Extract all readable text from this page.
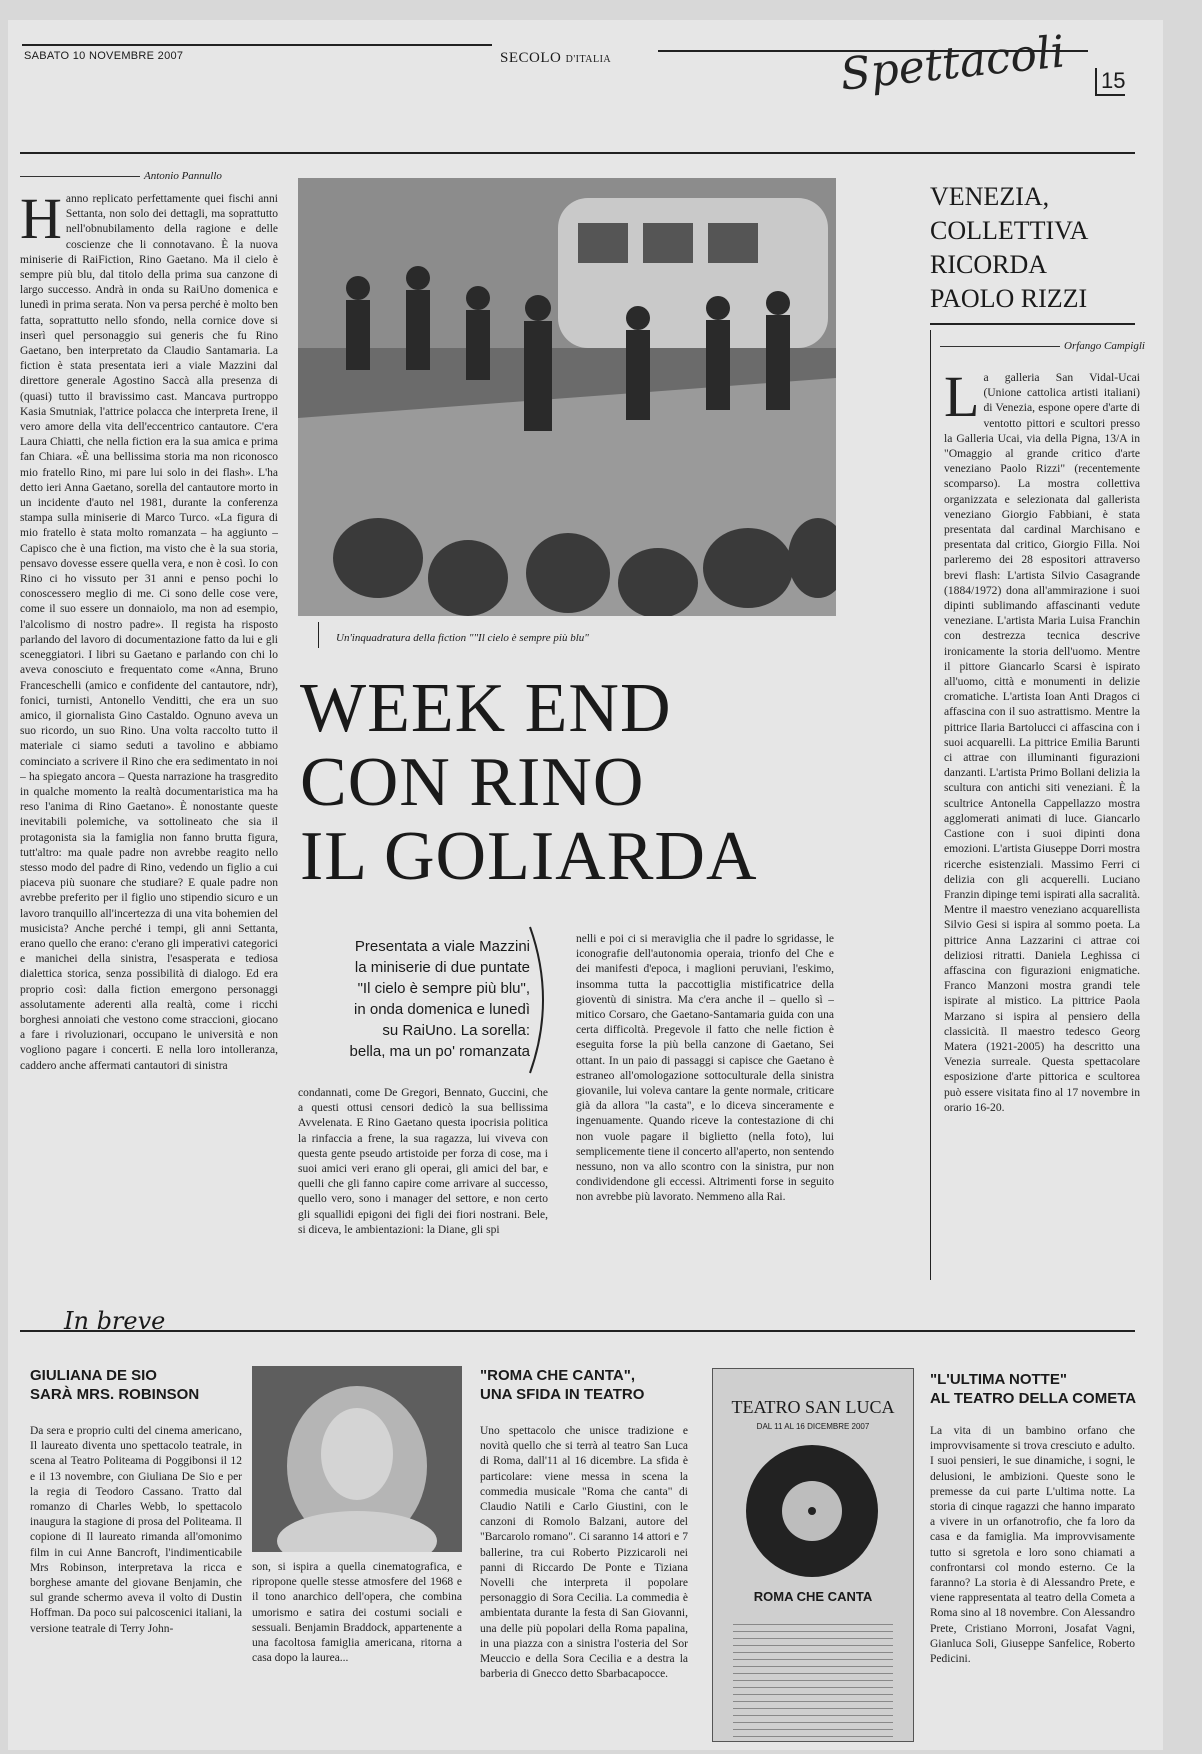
SABATO 10 NOVEMBRE 2007	SECOLO D'ITALIA	Spettacoli 15
Antonio Pannullo
H anno replicato perfettamente quei fischi anni Settanta, non solo dei dettagli, ma soprattutto nell'obnubilamento della ragione e delle coscienze che li connotavano. È la nuova miniserie di RaiFiction, Rino Gaetano. Ma il cielo è sempre più blu, dal titolo della prima sua canzone di largo successo. Andrà in onda su RaiUno domenica e lunedì in prima serata. Non va persa perché è molto ben fatta, soprattutto nello sfondo, nella cornice dove si inserì quel personaggio sui generis che fu Rino Gaetano, ben interpretato da Claudio Santamaria. La fiction è stata presentata ieri a viale Mazzini dal direttore generale Agostino Saccà alla presenza di (quasi) tutto il bravissimo cast. Mancava purtroppo Kasia Smutniak, l'attrice polacca che interpreta Irene, il vero amore della vita dell'eccentrico cantautore. C'era Laura Chiatti, che nella fiction era la sua amica e prima fan Chiara. «È una bellissima storia ma non riconosco mio fratello Rino, mi pare lui solo in dei flash». L'ha detto ieri Anna Gaetano, sorella del cantautore morto in un incidente d'auto nel 1981, durante la conferenza stampa sulla miniserie di Marco Turco. «La figura di mio fratello è stata molto romanzata – ha aggiunto – Capisco che è una fiction, ma visto che è la sua storia, pensavo dovesse essere quella vera, e non è così. Io con Rino ci ho vissuto per 31 anni e penso pochi lo conoscessero meglio di me. Ci sono delle cose vere, come il suo essere un donnaiolo, ma non ad esempio, l'alcolismo di nostro padre». Il regista ha risposto parlando del lavoro di documentazione fatto da lui e gli sceneggiatori. I libri su Gaetano e parlando con chi lo aveva conosciuto e frequentato come «Anna, Bruno Franceschelli (amico e confidente del cantautore, ndr), fonici, turnisti, Antonello Venditti, che era un suo amico, il giornalista Gino Castaldo. Ognuno aveva un suo ricordo, un suo Rino. Una volta raccolto tutto il materiale ci siamo seduti a tavolino e abbiamo cominciato a scrivere il Rino che era sedimentato in noi – ha spiegato ancora – Questa narrazione ha trasgredito in qualche momento la realtà documentaristica ma ha reso l'anima di Rino Gaetano». È nonostante queste inevitabili polemiche, va sottolineato che sia il protagonista sia la famiglia non fanno brutta figura, tutt'altro: ma quale padre non avrebbe reagito nello stesso modo del padre di Rino, vedendo un figlio a cui piaceva più suonare che studiare? E quale padre non avrebbe preferito per il figlio uno stipendio sicuro e un lavoro tranquillo all'incertezza di una vita bohemien del musicista? Anche perché i tempi, gli anni Settanta, erano quello che erano: c'erano gli imperativi categorici e manichei della sinistra, l'esasperata e tediosa dialettica storica, senza possibilità di dialogo. Ed era proprio così: dalla fiction emergono personaggi assolutamente aderenti alla realtà, come i ricchi borghesi annoiati che vestono come straccioni, giocano a fare i rivoluzionari, occupano le università e non vogliono pagare i concerti. E nella loro intolleranza, caddero anche affermati cantautori di sinistra
Un'inquadratura della fiction ""Il cielo è sempre più blu"
WEEK END
CON RINO
IL GOLIARDA
Presentata a viale Mazzini
la miniserie di due puntate
"Il cielo è sempre più blu",
in onda domenica e lunedì
su RaiUno. La sorella:
bella, ma un po' romanzata
condannati, come De Gregori, Bennato, Guccini, che a questi ottusi censori dedicò la sua bellissima Avvelenata. E Rino Gaetano questa ipocrisia politica la rinfaccia a frene, la sua ragazza, lui viveva con questa gente pseudo artistoide per forza di cose, ma i suoi amici veri erano gli operai, gli amici del bar, e quelli che gli fanno capire come arrivare al successo, quello vero, sono i manager del settore, e non certo gli squallidi epigoni dei figli dei fiori nostrani. Bele, si diceva, le ambientazioni: la Diane, gli spi
nelli e poi ci si meraviglia che il padre lo sgridasse, le iconografie dell'autonomia operaia, trionfo del Che e dei manifesti d'epoca, i maglioni peruviani, l'eskimo, insomma tutta la paccottiglia mistificatrice della gioventù di sinistra. Ma c'era anche il – quello sì – mitico Corsaro, che Gaetano-Santamaria guida con una certa difficoltà. Pregevole il fatto che nelle fiction è eseguita forse la più bella canzone di Gaetano, Sei ottant. In un paio di passaggi si capisce che Gaetano è estraneo all'omologazione sottoculturale della sinistra giovanile, lui voleva cantare la gente normale, criticare già da allora "la casta", e lo diceva sinceramente e ingenuamente. Quando riceve la contestazione di chi non vuole pagare il biglietto (nella foto), lui semplicemente tiene il concerto all'aperto, non sentendo nessuno, non va allo scontro con la sinistra, pur non condividendone gli eccessi. Altrimenti forse in seguito non avrebbe più lavorato. Nemmeno alla Rai.
VENEZIA,
COLLETTIVA
RICORDA
PAOLO RIZZI
Orfango Campigli
L a galleria San Vidal-Ucai (Unione cattolica artisti italiani) di Venezia, espone opere d'arte di ventotto pittori e scultori presso la Galleria Ucai, via della Pigna, 13/A in "Omaggio al grande critico d'arte veneziano Paolo Rizzi" (recentemente scomparso). La mostra collettiva organizzata e selezionata dal gallerista veneziano Giorgio Fabbiani, è stata presentata dal cardinal Marchisano e presentata dal critico, Giorgio Filla. Noi parleremo dei 28 espositori attraverso brevi flash: L'artista Silvio Casagrande (1884/1972) dona all'ammirazione i suoi dipinti sublimando affascinanti vedute veneziane. L'artista Maria Luisa Franchin con destrezza tecnica descrive ironicamente la storia dell'uomo. Mentre il pittore Giancarlo Scarsi è ispirato all'uomo, città e monumenti in delizie cromatiche. L'artista Ioan Anti Dragos ci affascina con il suo astrattismo. Mentre la pittrice Ilaria Bartolucci ci affascina con i suoi acquarelli. La pittrice Emilia Barunti ci attrae con illuminanti figurazioni danzanti. L'artista Primo Bollani delizia la scultura con antichi siti veneziani. È la scultrice Antonella Cappellazzo mostra agglomerati animati di luce. Giancarlo Castione con i suoi dipinti dona emozioni. L'artista Giuseppe Dorri mostra ricerche esistenziali. Massimo Ferri ci delizia con gli acquerelli. Luciano Franzin dipinge temi ispirati alla sacralità. Mentre il maestro veneziano acquarellista Silvio Gesi si ispira al sommo poeta. La pittrice Anna Lazzarini ci attrae coi deliziosi ritratti. Daniela Leghissa ci affascina con figurazioni enigmatiche. Franco Manzoni mostra grandi tele ispirate al mistico. La pittrice Paola Marzano si ispira al pensiero della classicità. Il maestro tedesco Georg Matera (1921-2005) ha descritto una Venezia surreale. Questa spettacolare esposizione d'arte pittorica e scultorea può essere visitata fino al 17 novembre in orario 16-20.
In breve
GIULIANA DE SIO
SARÀ MRS. ROBINSON
Da sera e proprio culti del cinema americano, Il laureato diventa uno spettacolo teatrale, in scena al Teatro Politeama di Poggibonsi il 12 e il 13 novembre, con Giuliana De Sio e per la regia di Teodoro Cassano. Tratto dal romanzo di Charles Webb, lo spettacolo inaugura la stagione di prosa del Politeama. Il copione di Il laureato rimanda all'omonimo film in cui Anne Bancroft, l'indimenticabile Mrs Robinson, interpretava la ricca e borghese amante del giovane Benjamin, che sul grande schermo aveva il volto di Dustin Hoffman. Da poco sui palcoscenici italiani, la versione teatrale di Terry John-
son, si ispira a quella cinematografica, e ripropone quelle stesse atmosfere del 1968 e il tono anarchico dell'opera, che combina umorismo e satira dei costumi sociali e sessuali. Benjamin Braddock, appartenente a una facoltosa famiglia americana, ritorna a casa dopo la laurea...
"ROMA CHE CANTA",
UNA SFIDA IN TEATRO
Uno spettacolo che unisce tradizione e novità quello che si terrà al teatro San Luca di Roma, dall'11 al 16 dicembre. La sfida è particolare: viene messa in scena la commedia musicale "Roma che canta" di Claudio Natili e Carlo Giustini, con le canzoni di Romolo Balzani, autore del "Barcarolo romano". Ci saranno 14 attori e 7 ballerine, tra cui Roberto Pizzicaroli nei panni di Riccardo De Ponte e Tiziana Novelli che interpreta il popolare personaggio di Sora Cecilia. La commedia è ambientata durante la festa di San Giovanni, una delle più popolari della Roma papalina, in una piazza con a sinistra l'osteria del Sor Meuccio e della Sora Cecilia e a destra la barberia di Gnecco detto Sbarbacapocce.
TEATRO SAN LUCA
DAL 11 AL 16 DICEMBRE 2007
ROMA CHE CANTA
"L'ULTIMA NOTTE"
AL TEATRO DELLA COMETA
La vita di un bambino orfano che improvvisamente si trova cresciuto e adulto. I suoi pensieri, le sue dinamiche, i sogni, le delusioni, le ambizioni. Queste sono le premesse da cui parte L'ultima notte. La storia di cinque ragazzi che hanno imparato a vivere in un orfanotrofio, che fa loro da casa e da famiglia. Ma improvvisamente tutto si sgretola e loro sono chiamati a confrontarsi col mondo esterno. Ce la faranno? La storia è di Alessandro Prete, e viene rappresentata al teatro della Cometa a Roma sino al 18 novembre. Con Alessandro Prete, Cristiano Morroni, Josafat Vagni, Gianluca Soli, Giuseppe Sanfelice, Roberto Pedicini.
